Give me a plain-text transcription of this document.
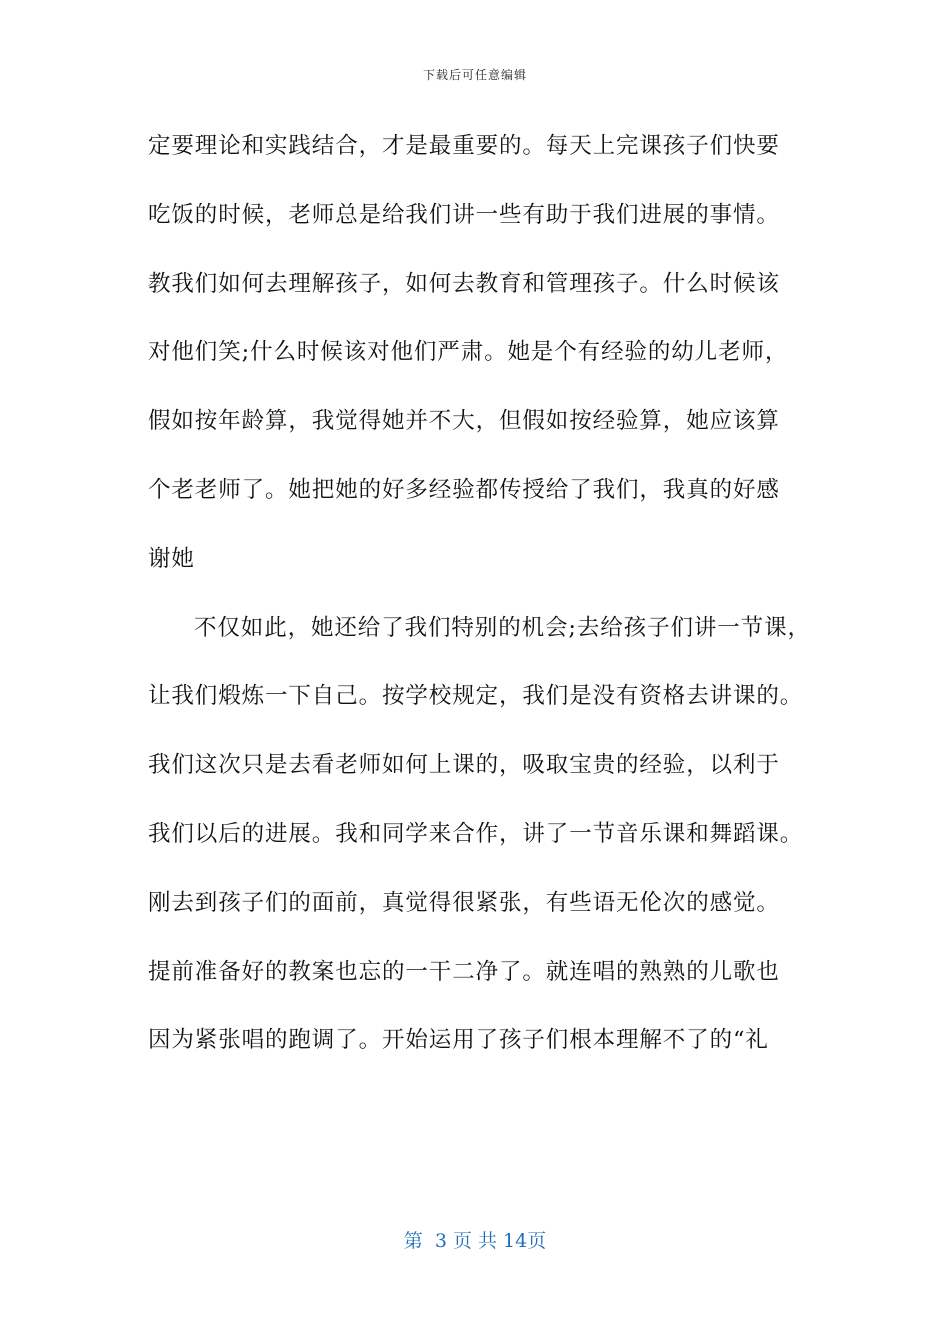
下载后可任意编辑
定要理论和实践结合，才是最重要的。每天上完课孩子们快要
吃饭的时候，老师总是给我们讲一些有助于我们进展的事情。
教我们如何去理解孩子，如何去教育和管理孩子。什么时候该
对他们笑;什么时候该对他们严肃。她是个有经验的幼儿老师，
假如按年龄算，我觉得她并不大，但假如按经验算，她应该算
个老老师了。她把她的好多经验都传授给了我们，我真的好感
谢她
不仅如此，她还给了我们特别的机会;去给孩子们讲一节课，
让我们煅炼一下自己。按学校规定，我们是没有资格去讲课的。
我们这次只是去看老师如何上课的，吸取宝贵的经验，以利于
我们以后的进展。我和同学来合作，讲了一节音乐课和舞蹈课。
刚去到孩子们的面前，真觉得很紧张，有些语无伦次的感觉。
提前准备好的教案也忘的一干二净了。就连唱的熟熟的儿歌也
因为紧张唱的跑调了。开始运用了孩子们根本理解不了的“礼
第  3 页 共 14页
